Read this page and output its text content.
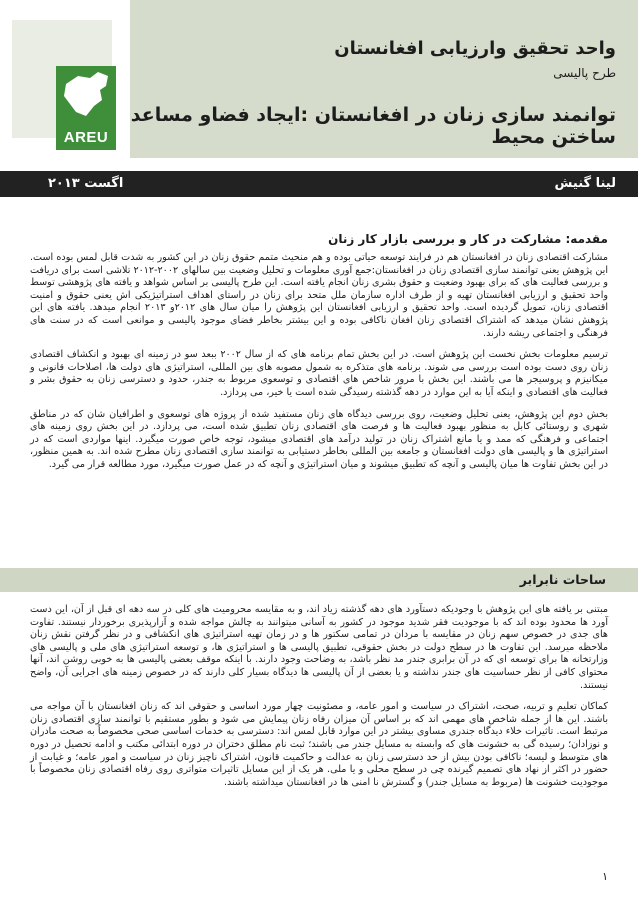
AREU
واحد تحقیق وارزیابی افغانستان
طرح پالیسی
توانمند سازی زنان در افغانستان :ایجاد فضاو مساعد ساختن محیط
لینا گنیش
اگست ۲۰۱۳
مقدمه: مشارکت در کار و بررسی بازار کار زنان

مشارکت اقتصادی زنان در افغانستان هم در فرایند توسعه حیاتی بوده و هم منحیث متمم حقوق زنان در این کشور به شدت قابل لمس بوده است. این پژوهش یعنی توانمند سازی اقتصادی زنان در افغانستان:جمع آوری معلومات و تحلیل وضعیت بین سالهای ۲۰۰۲-۲۰۱۲ تلاشی است برای دریافت و بررسی فعالیت های که برای بهبود وضعیت و حقوق بشری زنان انجام یافته است. این طرح پالیسی بر اساس شواهد و یافته های پژوهشی توسط واحد تحقیق و ارزیابی افغانستان تهیه و از طرف اداره سازمان ملل متحد برای زنان در راستای اهداف استراتیژیکی اش یعنی حقوق و امنیت اقتصادی زنان، تمویل گردیده است. واحد تحقیق و ارزیابی افغانستان این پژوهش را میان سال های ۲۰۱۲و ۲۰۱۳ انجام میدهد. یافته های این پژوهش نشان میدهد که اشتراک اقتصادی زنان افغان ناکافی بوده و این بیشتر بخاطر فضای موجود پالیسی و موانعی است که در سنت های فرهنگی و اجتماعی ریشه دارند.

ترسیم معلومات بخش نخست این پژوهش است. در این بخش تمام برنامه هاى که از سال ۲۰۰۲ ببعد سو در زمینه ای بهبود و انکشاف اقتصادی زنان روی دست بوده است بررسی می شوند. برنامه های متذکره به شمول مصوبه های بین المللی، استراتیژی های دولت ها، اصلاحات قانونی و میکانیزم و پروسیجر ها می باشند. این بخش با مرور شاخص های اقتصادی و توسعوی مربوط به جندر، حدود و دسترسی زنان به حقوق بشر و فعالیت های اقتصادی و اینکه آیا به این موارد در دهه گذشته رسیدگی شده است یا خیر، می پردازد.

بخش دوم این پژوهش، یعنی تحلیل وضعیت، روی بررسی دیدگاه های زنان مستفید شده از پروژه های توسعوی و اطرافیان شان که در مناطق شهری و روستائی کابل به منظور بهبود فعالیت ها و فرصت های اقتصادی زنان تطبیق شده است، می پردازد. در این بخش روی زمینه های اجتماعی و فرهنگی که ممد و یا مانع اشتراک زنان در تولید درآمد های اقتصادی میشود، توجه خاص صورت میگیرد. اینها مواردی است که در استراتیژی ها و پالیسی های دولت افغانستان و جامعه بین المللی بخاطر دستیابی به توانمند سازی اقتصادی زنان مطرح شده اند. به همین منظور، در این بخش تفاوت ها میان پالیسی و آنچه که تطبیق میشوند و میان استراتیژی و آنچه که در عمل صورت میگیرد، مورد مطالعه قرار می گیرد.

ساحات نابرابر

مبتنی بر یافته های این پژوهش با وجودیکه دستآورد های دهه گذشته زیاد اند، و به مقایسه محرومیت های کلی در سه دهه ای قبل از آن، این دست آورد ها محدود بوده اند که با موجودیت فقر شدید موجود در کشور به آسانی میتوانند به چالش مواجه شده و آزارپذیری برخوردار نیستند. تفاوت های جدی در خصوص سهم زنان در مقایسه با مردان در تمامی سکتور ها و در زمان تهیه استراتیژی های انکشافی و در نظر گرفتن نقش زنان ملاحظه میرسد. این تفاوت ها در سطح دولت در بخش حقوقی، تطبیق پالیسی ها و استراتیژی ها، و توسعه استراتیژی های ملی و پالیسی های وزارتخانه ها برای توسعه ای که در آن برابری جندر مد نظر باشد، به وضاحت وجود دارند. با اینکه موقف بعضی پالیسی ها به خوبی روشن اند، آنها محتوای کافی از نظر حساسیت های جندر نداشته و یا بعضی از آن پالیسی ها دیدگاه بسیار کلی دارند که در خصوص زمینه های اجرایی آن، واضح نیستند.

کماکان تعلیم و تربیه، صحت، اشتراک در سیاست و امور عامه، و مصئونیت چهار مورد اساسی و حقوقی اند که زنان افغانستان با آن مواجه می باشند. این ها از جمله شاخص های مهمی اند که بر اساس آن میزان رفاه زنان پیمایش می شود و بطور مستقیم با توانمند سازی اقتصادی زنان مرتبط است. تاثیرات خلاء دیدگاه جندری مساوی بیشتر در این موارد قابل لمس اند: دسترسی به خدمات اساسی صحی مخصوصاً به صحت مادران و نوزادان؛ رسیده گی به خشونت های که وابسته به مسایل جندر می باشند؛ ثبت نام مطلق دختران در دوره ابتدائی مکتب و ادامه تحصیل در دوره های متوسط و لیسه؛ ناکافی بودن بیش از حد دسترسی زنان به عدالت و حاکمیت قانون، اشتراک ناچیز زنان در سیاست و امور عامه؛ و غیابت از حضور در اکثر از نهاد های تصمیم گیرنده چی در سطح محلی و یا ملی. هر یک از این مسایل تاثیرات متواتری روی رفاه اقتصادی زنان مخصوصاً با موجودیت خشونت ها (مربوط به مسایل جندر) و گسترش نا امنی ها در افغانستان میداشته باشند.

۱
